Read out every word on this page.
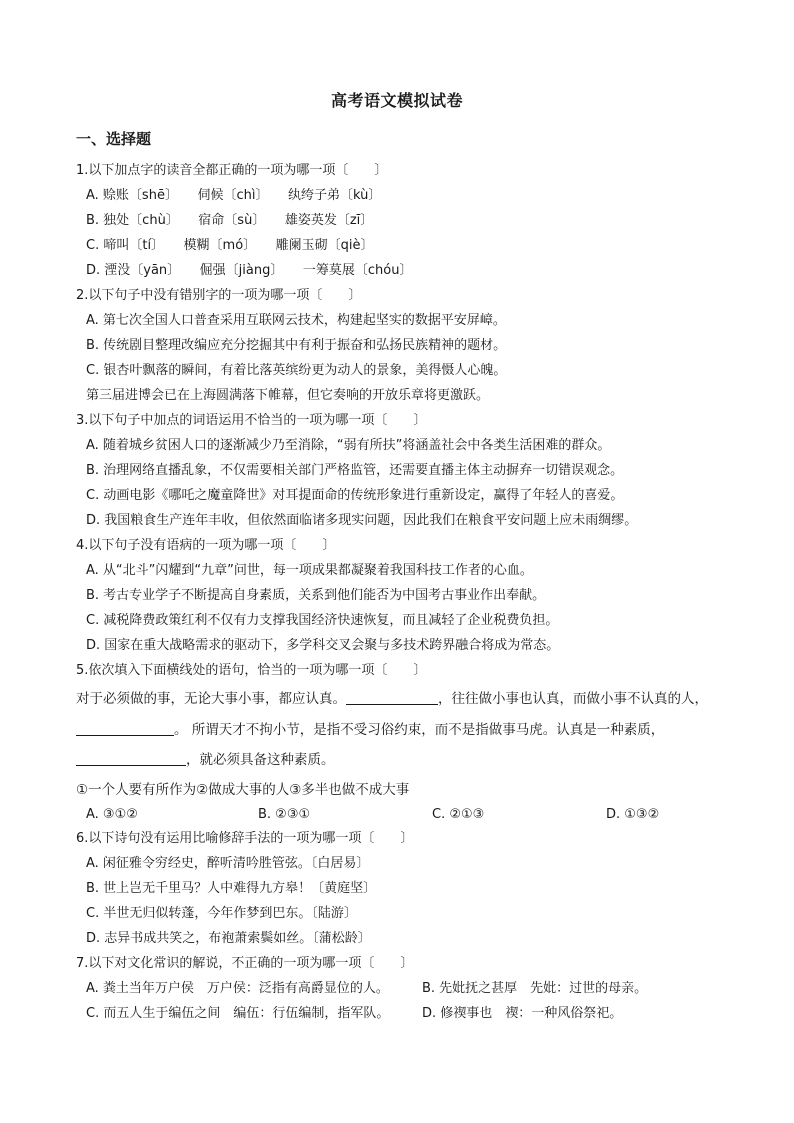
高考语文模拟试卷
一、选择题
1.以下加点字的读音全都正确的一项为哪一项〔　　〕
A. 赊账〔shē〕　　伺候〔chì〕　　纨绔子弟〔kù〕
B. 独处〔chù〕　　宿命〔sù〕　　雄姿英发〔zī〕
C. 啼叫〔tí〕　　模糊〔mó〕　　雕阑玉砌〔qiè〕
D. 湮没〔yān〕　　倔强〔jiàng〕　　一筹莫展〔chóu〕
2.以下句子中没有错别字的一项为哪一项〔　　〕
A. 第七次全国人口普查采用互联网云技术，构建起坚实的数据平安屏嶂。
B. 传统剧目整理改编应充分挖掘其中有利于振奋和弘扬民族精神的题材。
C. 银杏叶飘落的瞬间，有着比落英缤纷更为动人的景象，美得慑人心魄。
第三届进博会已在上海圆满落下帷幕，但它奏响的开放乐章将更激跃。
3.以下句子中加点的词语运用不恰当的一项为哪一项〔　　〕
A. 随着城乡贫困人口的逐渐减少乃至消除，“弱有所扶”将涵盖社会中各类生活困难的群众。
B. 治理网络直播乱象，不仅需要相关部门严格监管，还需要直播主体主动摒弃一切错误观念。
C. 动画电影《哪吒之魔童降世》对耳提面命的传统形象进行重新设定，赢得了年轻人的喜爱。
D. 我国粮食生产连年丰收，但依然面临诸多现实问题，因此我们在粮食平安问题上应未雨绸缪。
4.以下句子没有语病的一项为哪一项〔　　〕
A. 从“北斗”闪耀到“九章”问世，每一项成果都凝聚着我国科技工作者的心血。
B. 考古专业学子不断提高自身素质，关系到他们能否为中国考古事业作出奉献。
C. 减税降费政策红利不仅有力支撑我国经济快速恢复，而且减轻了企业税费负担。
D. 国家在重大战略需求的驱动下，多学科交叉会聚与多技术跨界融合将成为常态。
5.依次填入下面横线处的语句，恰当的一项为哪一项〔　　〕
对于必须做的事，无论大事小事，都应认真。	，往往做小事也认真，而做小事不认真的人，
。 所谓天才不拘小节，是指不受习俗约束，而不是指做事马虎。认真是一种素质，
，就必须具备这种素质。
①一个人要有所作为②做成大事的人③多半也做不成大事
A. ③①②	B. ②③①	C. ②①③	D. ①③②
6.以下诗句没有运用比喻修辞手法的一项为哪一项〔　　〕
A. 闲征雅令穷经史，醉听清吟胜管弦。〔白居易〕
B. 世上岂无千里马？人中难得九方皋！〔黄庭坚〕
C. 半世无归似转蓬，今年作梦到巴东。〔陆游〕
D. 志异书成共笑之，布袍萧索鬓如丝。〔蒲松龄〕
7.以下对文化常识的解说，不正确的一项为哪一项〔　　〕
A. 粪土当年万户侯　万户侯：泛指有高爵显位的人。	B. 先妣抚之甚厚　先妣：过世的母亲。
C. 而五人生于编伍之间　编伍：行伍编制，指军队。	D. 修禊事也　禊：一种风俗祭祀。
